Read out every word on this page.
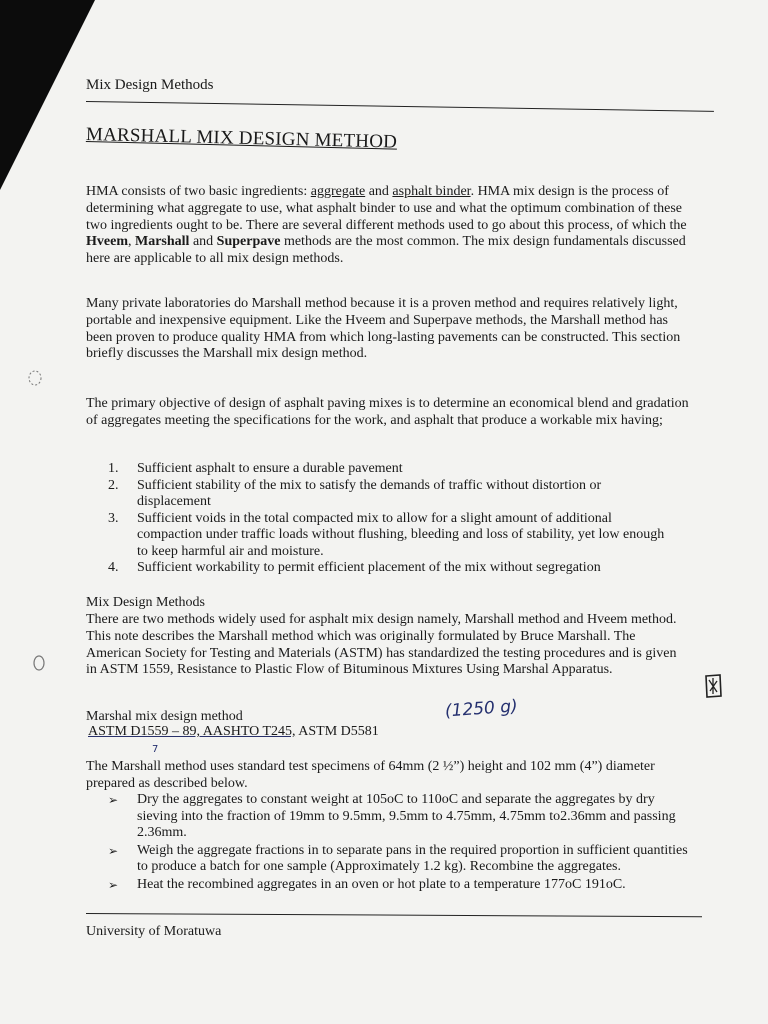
Mix Design Methods
MARSHALL MIX DESIGN METHOD

HMA consists of two basic ingredients: aggregate and asphalt binder. HMA mix design is the process of determining what aggregate to use, what asphalt binder to use and what the optimum combination of these two ingredients ought to be. There are several different methods used to go about this process, of which the Hveem, Marshall and Superpave methods are the most common. The mix design fundamentals discussed here are applicable to all mix design methods.

Many private laboratories do Marshall method because it is a proven method and requires relatively light, portable and inexpensive equipment. Like the Hveem and Superpave methods, the Marshall method has been proven to produce quality HMA from which long-lasting pavements can be constructed. This section briefly discusses the Marshall mix design method.

The primary objective of design of asphalt paving mixes is to determine an economical blend and gradation of aggregates meeting the specifications for the work, and asphalt that produce a workable mix having;

1. Sufficient asphalt to ensure a durable pavement
2. Sufficient stability of the mix to satisfy the demands of traffic without distortion or displacement
3. Sufficient voids in the total compacted mix to allow for a slight amount of additional compaction under traffic loads without flushing, bleeding and loss of stability, yet low enough to keep harmful air and moisture.
4. Sufficient workability to permit efficient placement of the mix without segregation

Mix Design Methods

There are two methods widely used for asphalt mix design namely, Marshall method and Hveem method. This note describes the Marshall method which was originally formulated by Bruce Marshall. The American Society for Testing and Materials (ASTM) has standardized the testing procedures and is given in ASTM 1559, Resistance to Plastic Flow of Bituminous Mixtures Using Marshal Apparatus.

Marshal mix design method	(1250 g)
ASTM D1559 – 89, AASHTO T245, ASTM D5581
7

The Marshall method uses standard test specimens of 64mm (2 ½”) height and 102 mm (4”) diameter prepared as described below.

➢ Dry the aggregates to constant weight at 105oC to 110oC and separate the aggregates by dry sieving into the fraction of 19mm to 9.5mm, 9.5mm to 4.75mm, 4.75mm to2.36mm and passing 2.36mm.
➢ Weigh the aggregate fractions in to separate pans in the required proportion in sufficient quantities to produce a batch for one sample (Approximately 1.2 kg). Recombine the aggregates.
➢ Heat the recombined aggregates in an oven or hot plate to a temperature 177oC 191oC.
University of Moratuwa
